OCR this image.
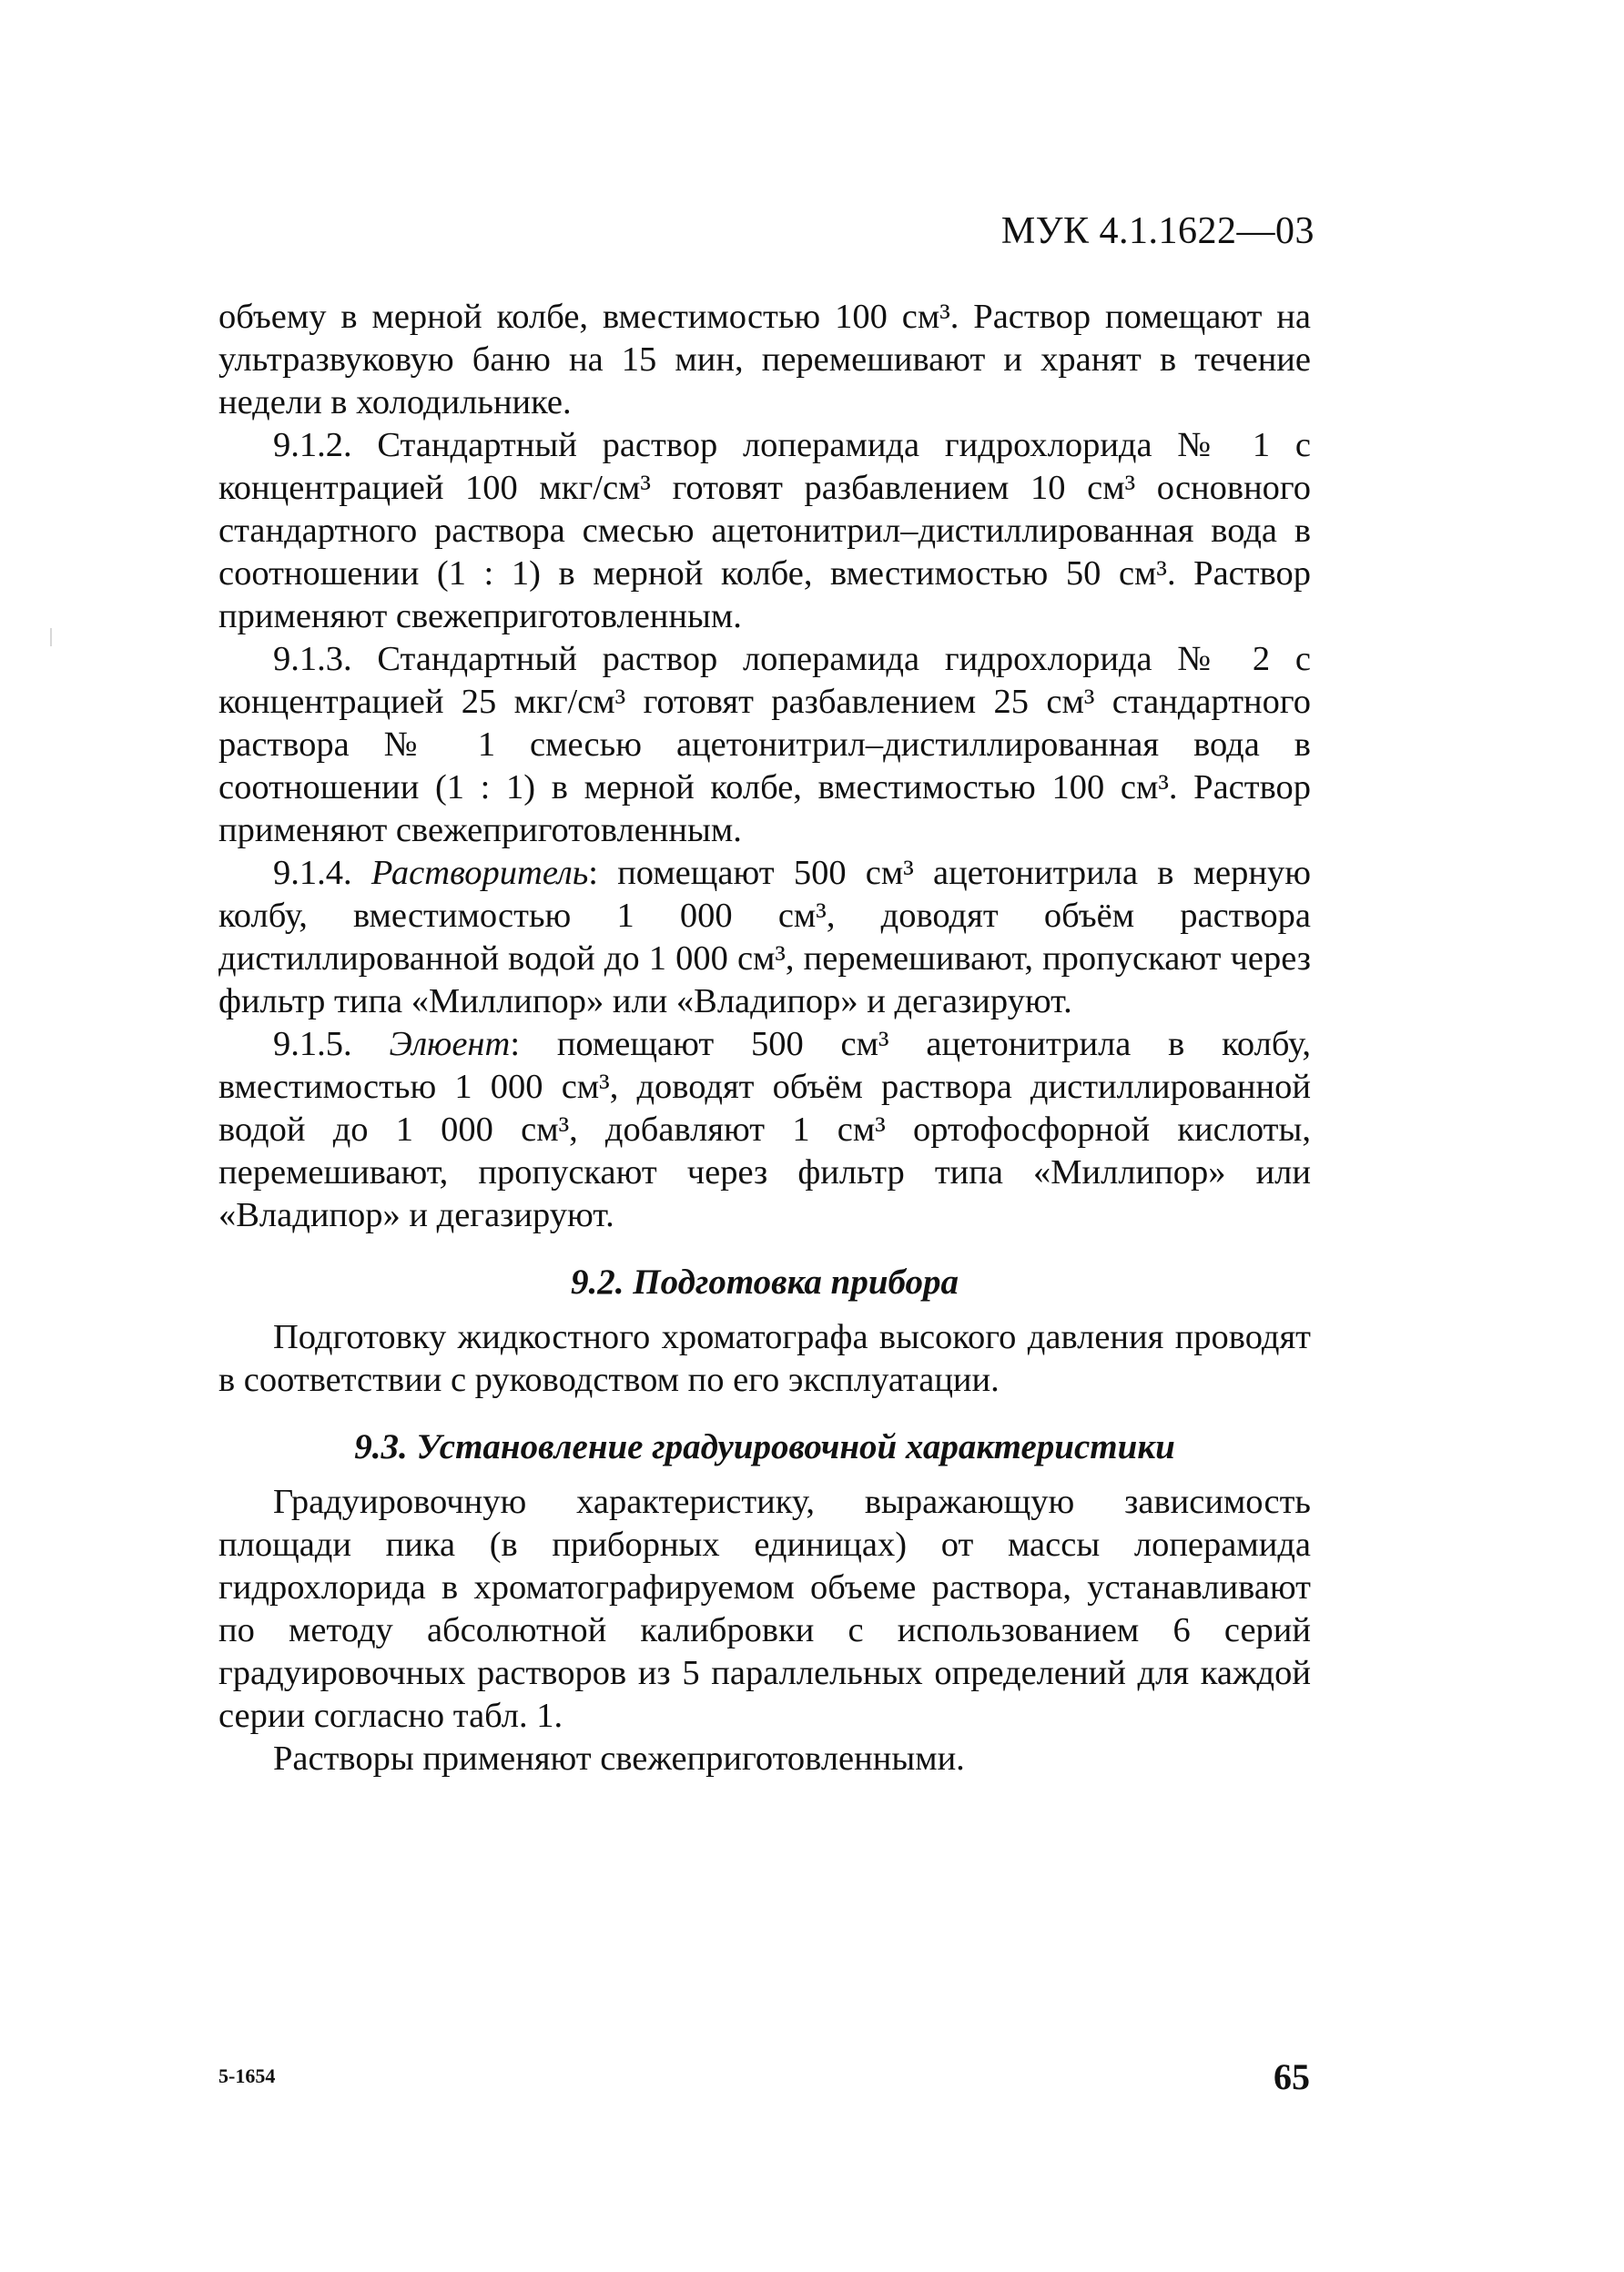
МУК 4.1.1622—03

объему в мерной колбе, вместимостью 100 см³. Раствор помещают на ультразвуковую баню на 15 мин, перемешивают и хранят в течение недели в холодильнике.

9.1.2. Стандартный раствор лоперамида гидрохлорида № 1 с концентрацией 100 мкг/см³ готовят разбавлением 10 см³ основного стандартного раствора смесью ацетонитрил–дистиллированная вода в соотношении (1 : 1) в мерной колбе, вместимостью 50 см³. Раствор применяют свежеприготовленным.

9.1.3. Стандартный раствор лоперамида гидрохлорида № 2 с концентрацией 25 мкг/см³ готовят разбавлением 25 см³ стандартного раствора № 1 смесью ацетонитрил–дистиллированная вода в соотношении (1 : 1) в мерной колбе, вместимостью 100 см³. Раствор применяют свежеприготовленным.

9.1.4. Растворитель: помещают 500 см³ ацетонитрила в мерную колбу, вместимостью 1 000 см³, доводят объём раствора дистиллированной водой до 1 000 см³, перемешивают, пропускают через фильтр типа «Миллипор» или «Владипор» и дегазируют.

9.1.5. Элюент: помещают 500 см³ ацетонитрила в колбу, вместимостью 1 000 см³, доводят объём раствора дистиллированной водой до 1 000 см³, добавляют 1 см³ ортофосфорной кислоты, перемешивают, пропускают через фильтр типа «Миллипор» или «Владипор» и дегазируют.

9.2. Подготовка прибора

Подготовку жидкостного хроматографа высокого давления проводят в соответствии с руководством по его эксплуатации.

9.3. Установление градуировочной характеристики

Градуировочную характеристику, выражающую зависимость площади пика (в приборных единицах) от массы лоперамида гидрохлорида в хроматографируемом объеме раствора, устанавливают по методу абсолютной калибровки с использованием 6 серий градуировочных растворов из 5 параллельных определений для каждой серии согласно табл. 1.

Растворы применяют свежеприготовленными.

5-1654	65
